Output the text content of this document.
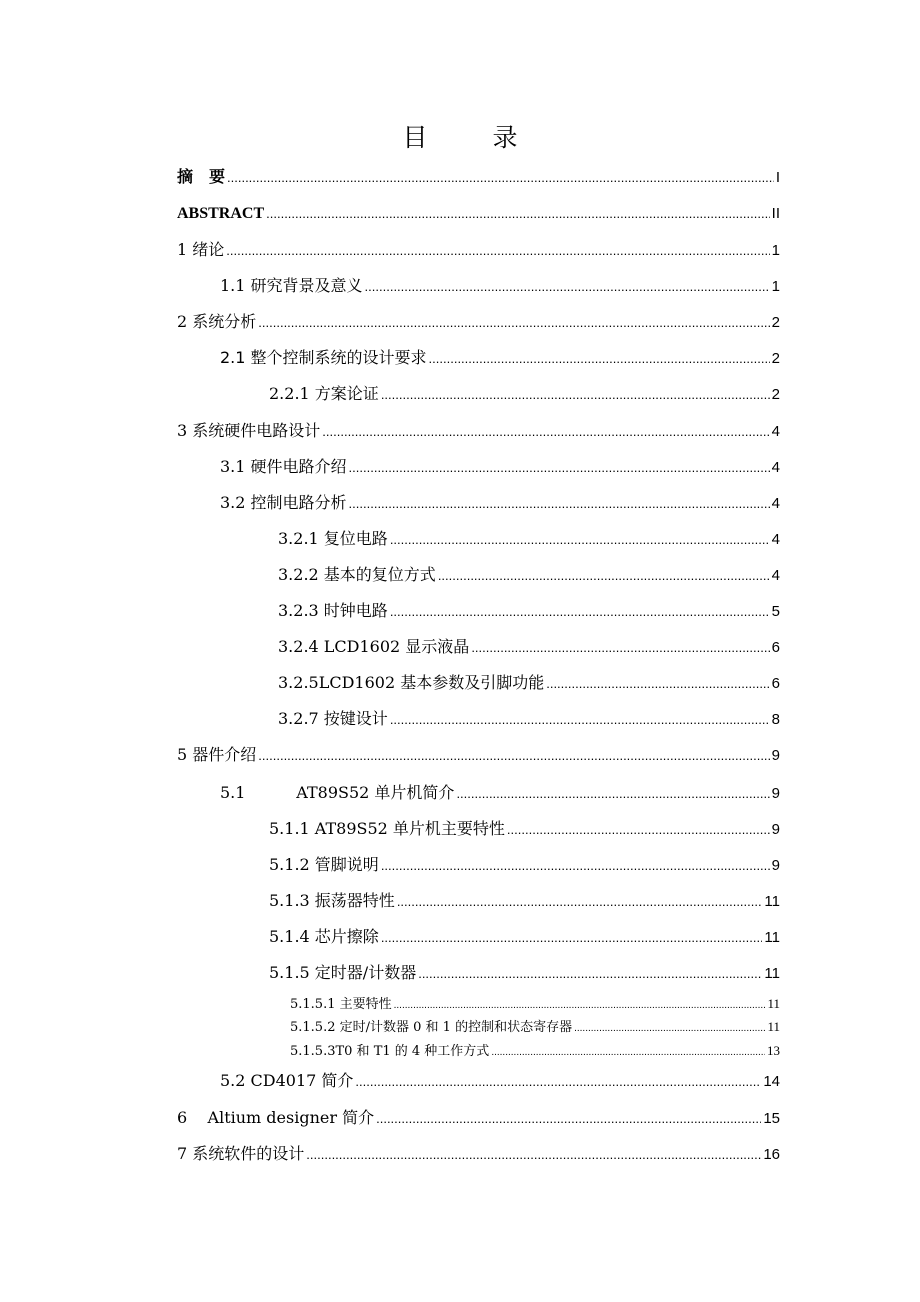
目　录
摘　要 .....	I
ABSTRACT .....	II
1 绪论 .....	1
1.1 研究背景及意义 .....	1
2 系统分析 .....	2
2.1 整个控制系统的设计要求 .....	2
2.2.1 方案论证 .....	2
3 系统硬件电路设计 .....	4
3.1 硬件电路介绍 .....	4
3.2 控制电路分析 .....	4
3.2.1 复位电路 .....	4
3.2.2 基本的复位方式 .....	4
3.2.3 时钟电路 .....	5
3.2.4 LCD1602 显示液晶 .....	6
3.2.5LCD1602 基本参数及引脚功能 .....	6
3.2.7 按键设计 .....	8
5 器件介绍 .....	9
5.1          AT89S52 单片机简介 .....	9
5.1.1 AT89S52 单片机主要特性 .....	9
5.1.2 管脚说明 .....	9
5.1.3 振荡器特性 .....	11
5.1.4 芯片擦除 .....	11
5.1.5 定时器/计数器 .....	11
5.1.5.1 主要特性 .....	11
5.1.5.2 定时/计数器 0 和 1 的控制和状态寄存器 .....	11
5.1.5.3T0 和 T1 的 4 种工作方式 .....	13
5.2 CD4017 简介 .....	14
6    Altium designer 简介 .....	15
7 系统软件的设计 .....	16
